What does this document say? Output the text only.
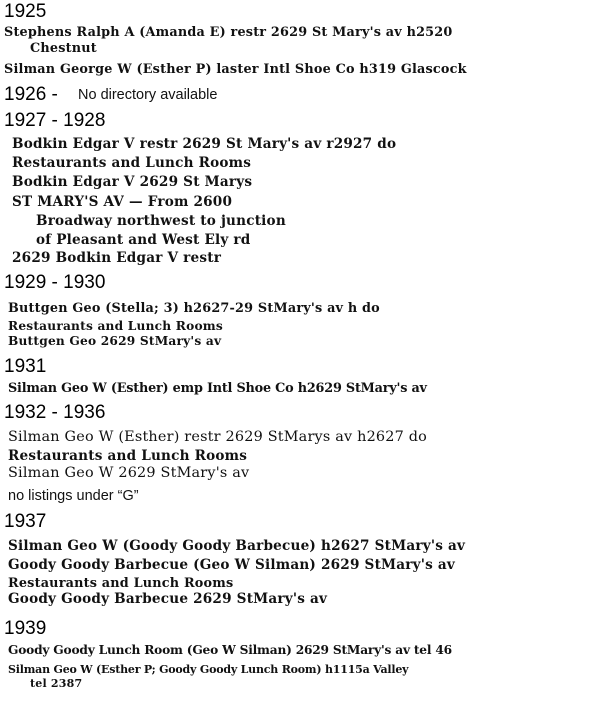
1925
Stephens Ralph A (Amanda E) restr 2629 St Mary's av h2520
Chestnut
Silman George W (Esther P) laster Intl Shoe Co h319 Glascock
1926 - No directory available
1927 - 1928
Bodkin Edgar V restr 2629 St Mary's av r2927 do
Restaurants and Lunch Rooms
Bodkin Edgar V 2629 St Marys
ST MARY'S AV — From 2600
Broadway northwest to junction
of Pleasant and West Ely rd
2629 Bodkin Edgar V restr
1929 - 1930
Buttgen Geo (Stella; 3) h2627-29 StMary's av h do
Restaurants and Lunch Rooms
Buttgen Geo 2629 StMary's av
1931
Silman Geo W (Esther) emp Intl Shoe Co h2629 StMary's av
1932 - 1936
Silman Geo W (Esther) restr 2629 StMarys av h2627 do
Restaurants and Lunch Rooms
Silman Geo W 2629 StMary's av
no listings under “G”
1937
Silman Geo W (Goody Goody Barbecue) h2627 StMary's av
Goody Goody Barbecue (Geo W Silman) 2629 StMary's av
Restaurants and Lunch Rooms
Goody Goody Barbecue 2629 StMary's av
1939
Goody Goody Lunch Room (Geo W Silman) 2629 StMary's av tel 46
Silman Geo W (Esther P; Goody Goody Lunch Room) h1115a Valley
tel 2387
